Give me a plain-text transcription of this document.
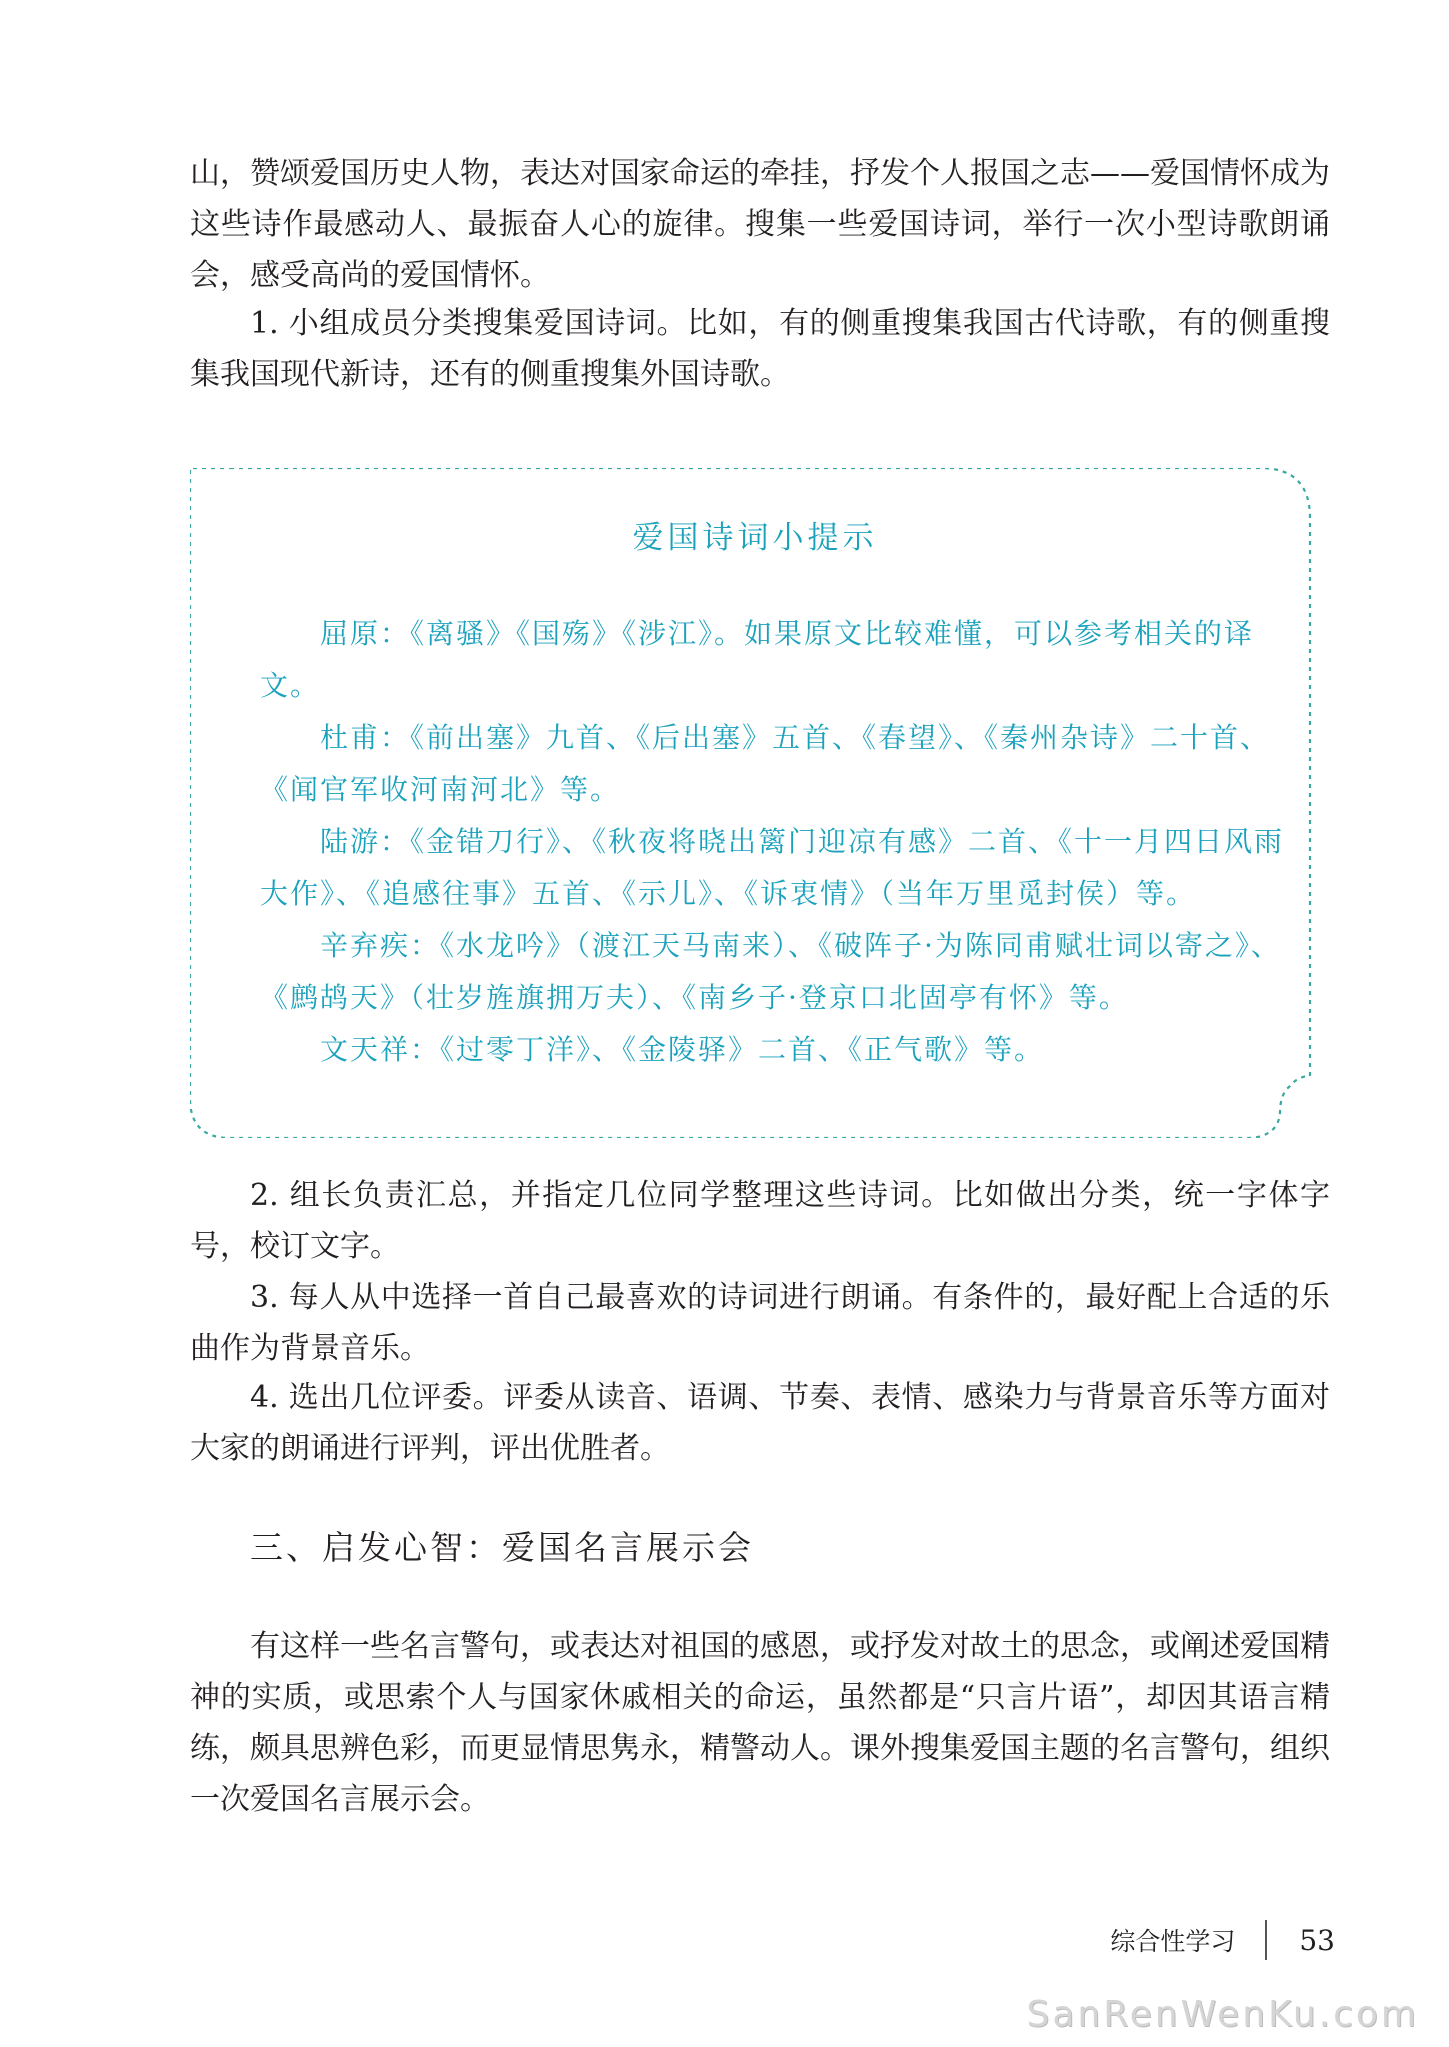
山，赞颂爱国历史人物，表达对国家命运的牵挂，抒发个人报国之志——爱国情怀成为这些诗作最感动人、最振奋人心的旋律。搜集一些爱国诗词，举行一次小型诗歌朗诵会，感受高尚的爱国情怀。

1. 小组成员分类搜集爱国诗词。比如，有的侧重搜集我国古代诗歌，有的侧重搜集我国现代新诗，还有的侧重搜集外国诗歌。

爱国诗词小提示

屈原：《离骚》《国殇》《涉江》。如果原文比较难懂，可以参考相关的译文。

杜甫：《前出塞》九首、《后出塞》五首、《春望》、《秦州杂诗》二十首、《闻官军收河南河北》等。

陆游：《金错刀行》、《秋夜将晓出篱门迎凉有感》二首、《十一月四日风雨大作》、《追感往事》五首、《示儿》、《诉衷情》（当年万里觅封侯）等。

辛弃疾：《水龙吟》（渡江天马南来）、《破阵子·为陈同甫赋壮词以寄之》、《鹧鸪天》（壮岁旌旗拥万夫）、《南乡子·登京口北固亭有怀》等。

文天祥：《过零丁洋》、《金陵驿》二首、《正气歌》等。

2. 组长负责汇总，并指定几位同学整理这些诗词。比如做出分类，统一字体字号，校订文字。

3. 每人从中选择一首自己最喜欢的诗词进行朗诵。有条件的，最好配上合适的乐曲作为背景音乐。

4. 选出几位评委。评委从读音、语调、节奏、表情、感染力与背景音乐等方面对大家的朗诵进行评判，评出优胜者。

三、启发心智：爱国名言展示会

有这样一些名言警句，或表达对祖国的感恩，或抒发对故土的思念，或阐述爱国精神的实质，或思索个人与国家休戚相关的命运，虽然都是“只言片语”，却因其语言精练，颇具思辨色彩，而更显情思隽永，精警动人。课外搜集爱国主题的名言警句，组织一次爱国名言展示会。

综合性学习 53
SanRenWenKu.com
